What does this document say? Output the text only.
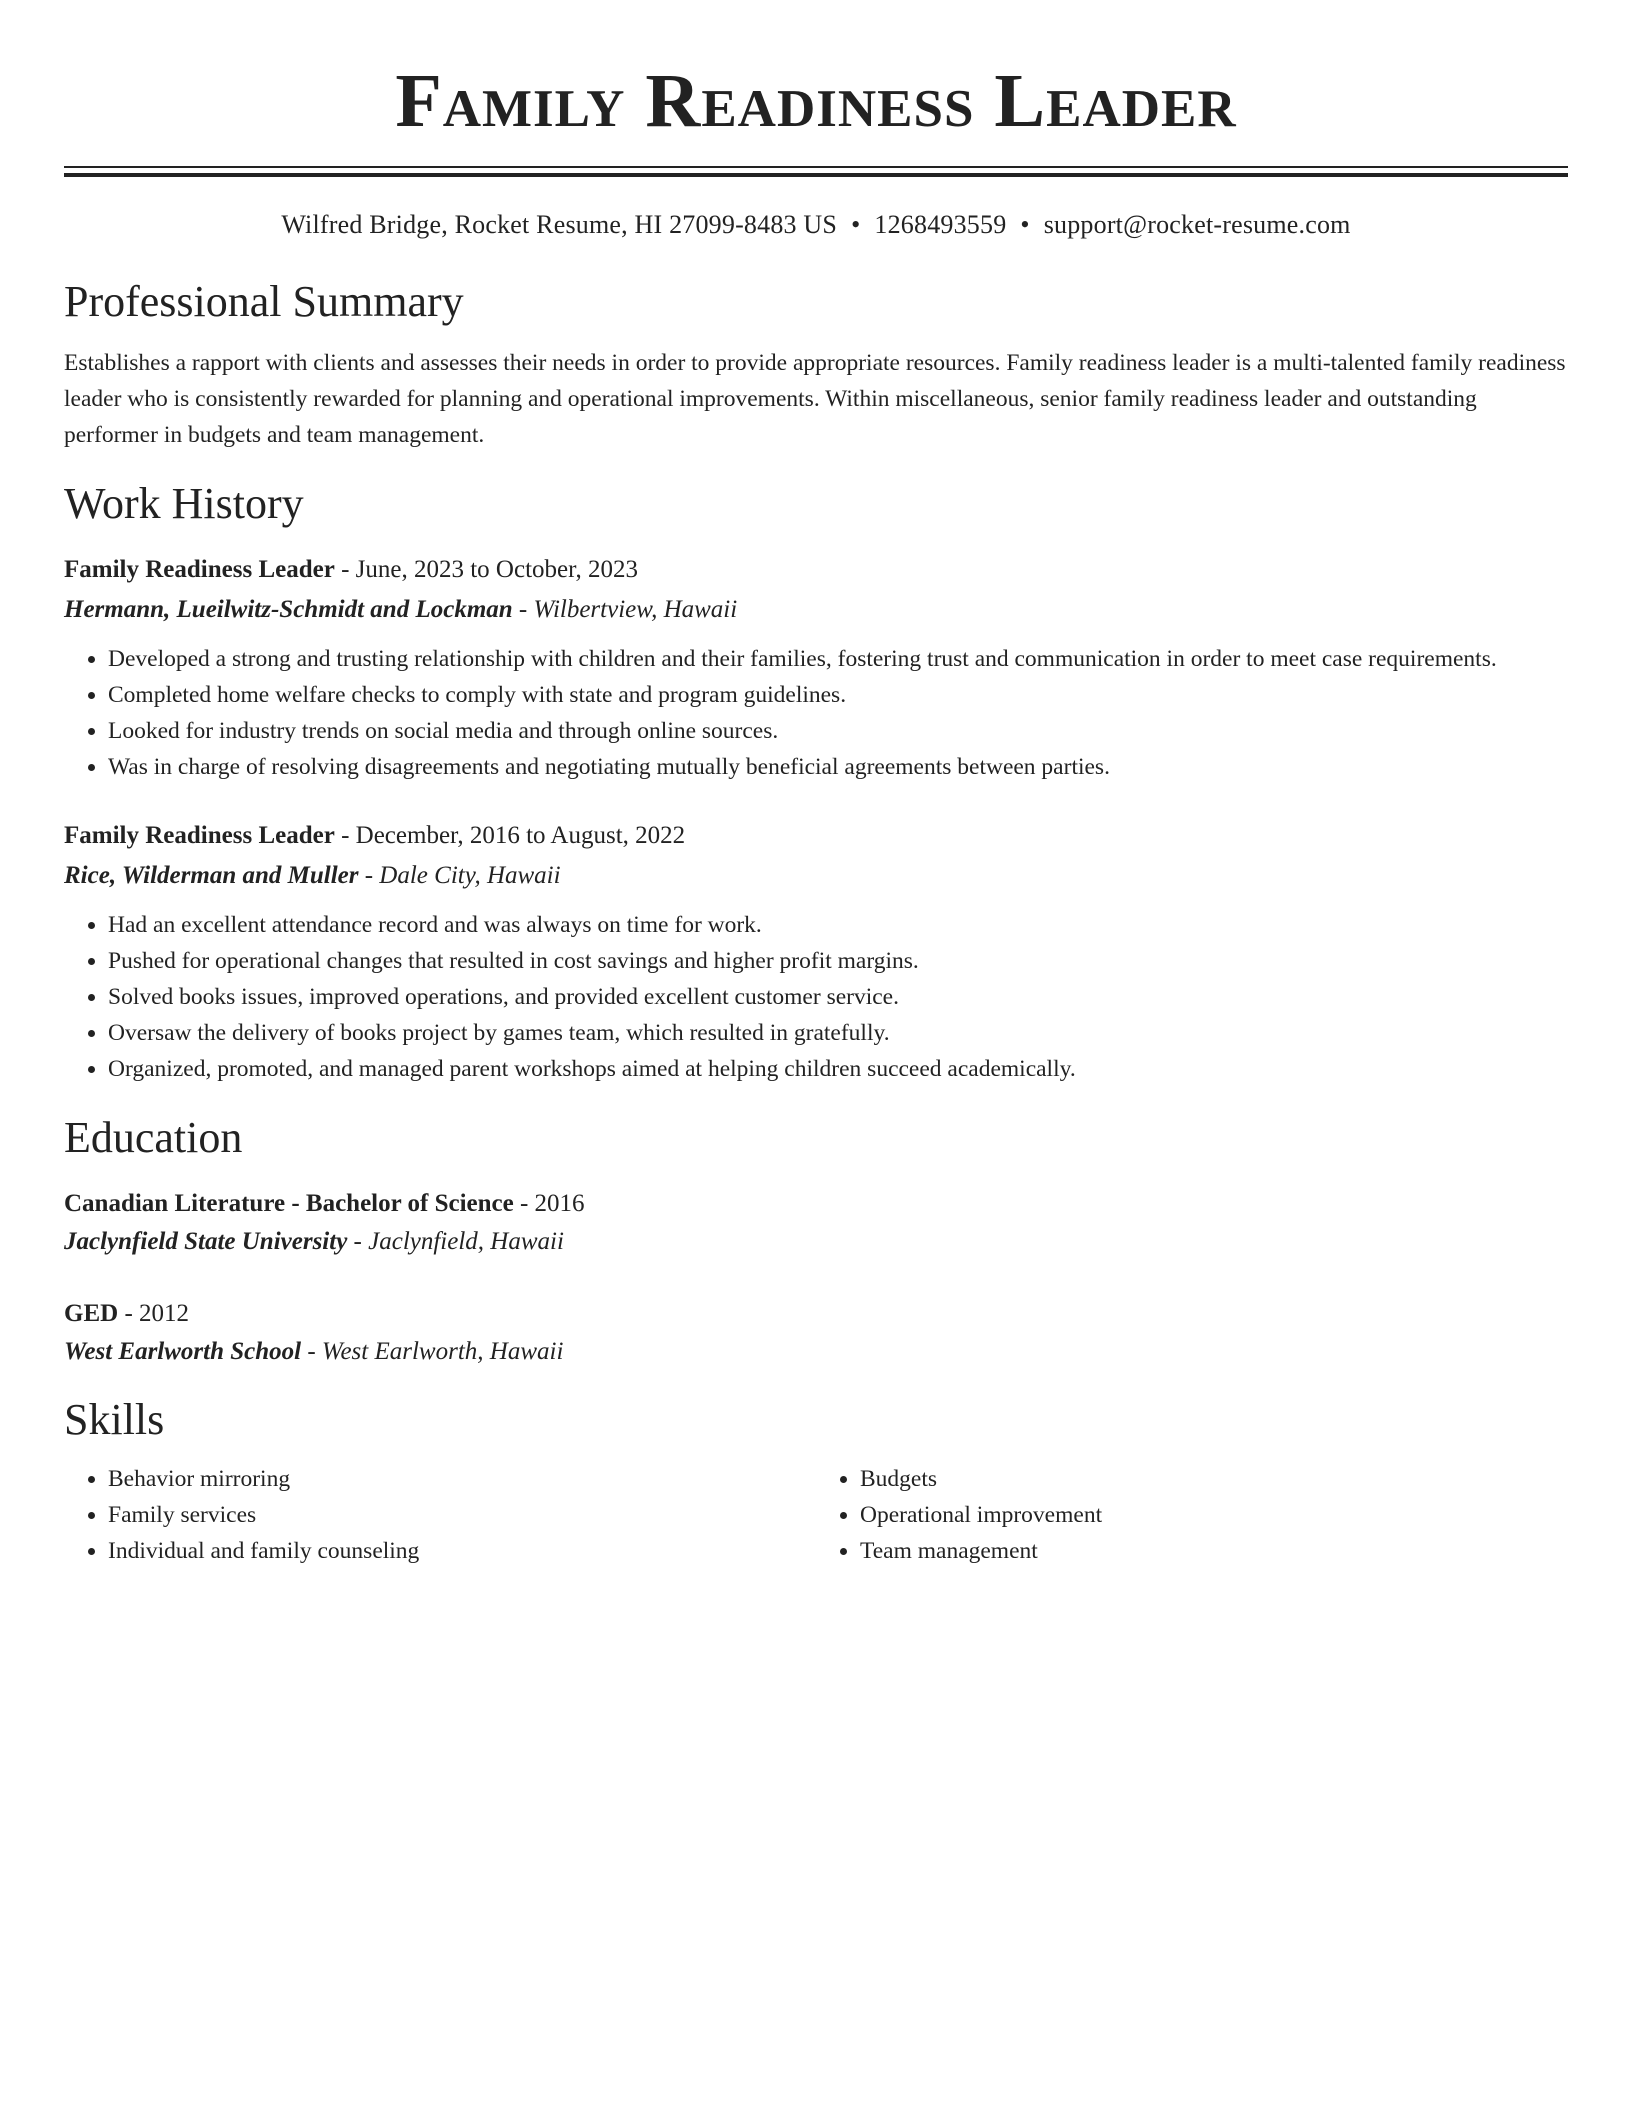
Family Readiness Leader
Wilfred Bridge, Rocket Resume, HI 27099-8483 US • 1268493559 • support@rocket-resume.com
Professional Summary

Establishes a rapport with clients and assesses their needs in order to provide appropriate resources. Family readiness leader is a multi-talented family readiness leader who is consistently rewarded for planning and operational improvements. Within miscellaneous, senior family readiness leader and outstanding performer in budgets and team management.

Work History
Family Readiness Leader - June, 2023 to October, 2023
Hermann, Lueilwitz-Schmidt and Lockman - Wilbertview, Hawaii
• Developed a strong and trusting relationship with children and their families, fostering trust and communication in order to meet case requirements.
• Completed home welfare checks to comply with state and program guidelines.
• Looked for industry trends on social media and through online sources.
• Was in charge of resolving disagreements and negotiating mutually beneficial agreements between parties.
Family Readiness Leader - December, 2016 to August, 2022
Rice, Wilderman and Muller - Dale City, Hawaii
• Had an excellent attendance record and was always on time for work.
• Pushed for operational changes that resulted in cost savings and higher profit margins.
• Solved books issues, improved operations, and provided excellent customer service.
• Oversaw the delivery of books project by games team, which resulted in gratefully.
• Organized, promoted, and managed parent workshops aimed at helping children succeed academically.
Education
Canadian Literature - Bachelor of Science - 2016
Jaclynfield State University - Jaclynfield, Hawaii
GED - 2012
West Earlworth School - West Earlworth, Hawaii
Skills
• Behavior mirroring
• Family services
• Individual and family counseling
• Budgets
• Operational improvement
• Team management
